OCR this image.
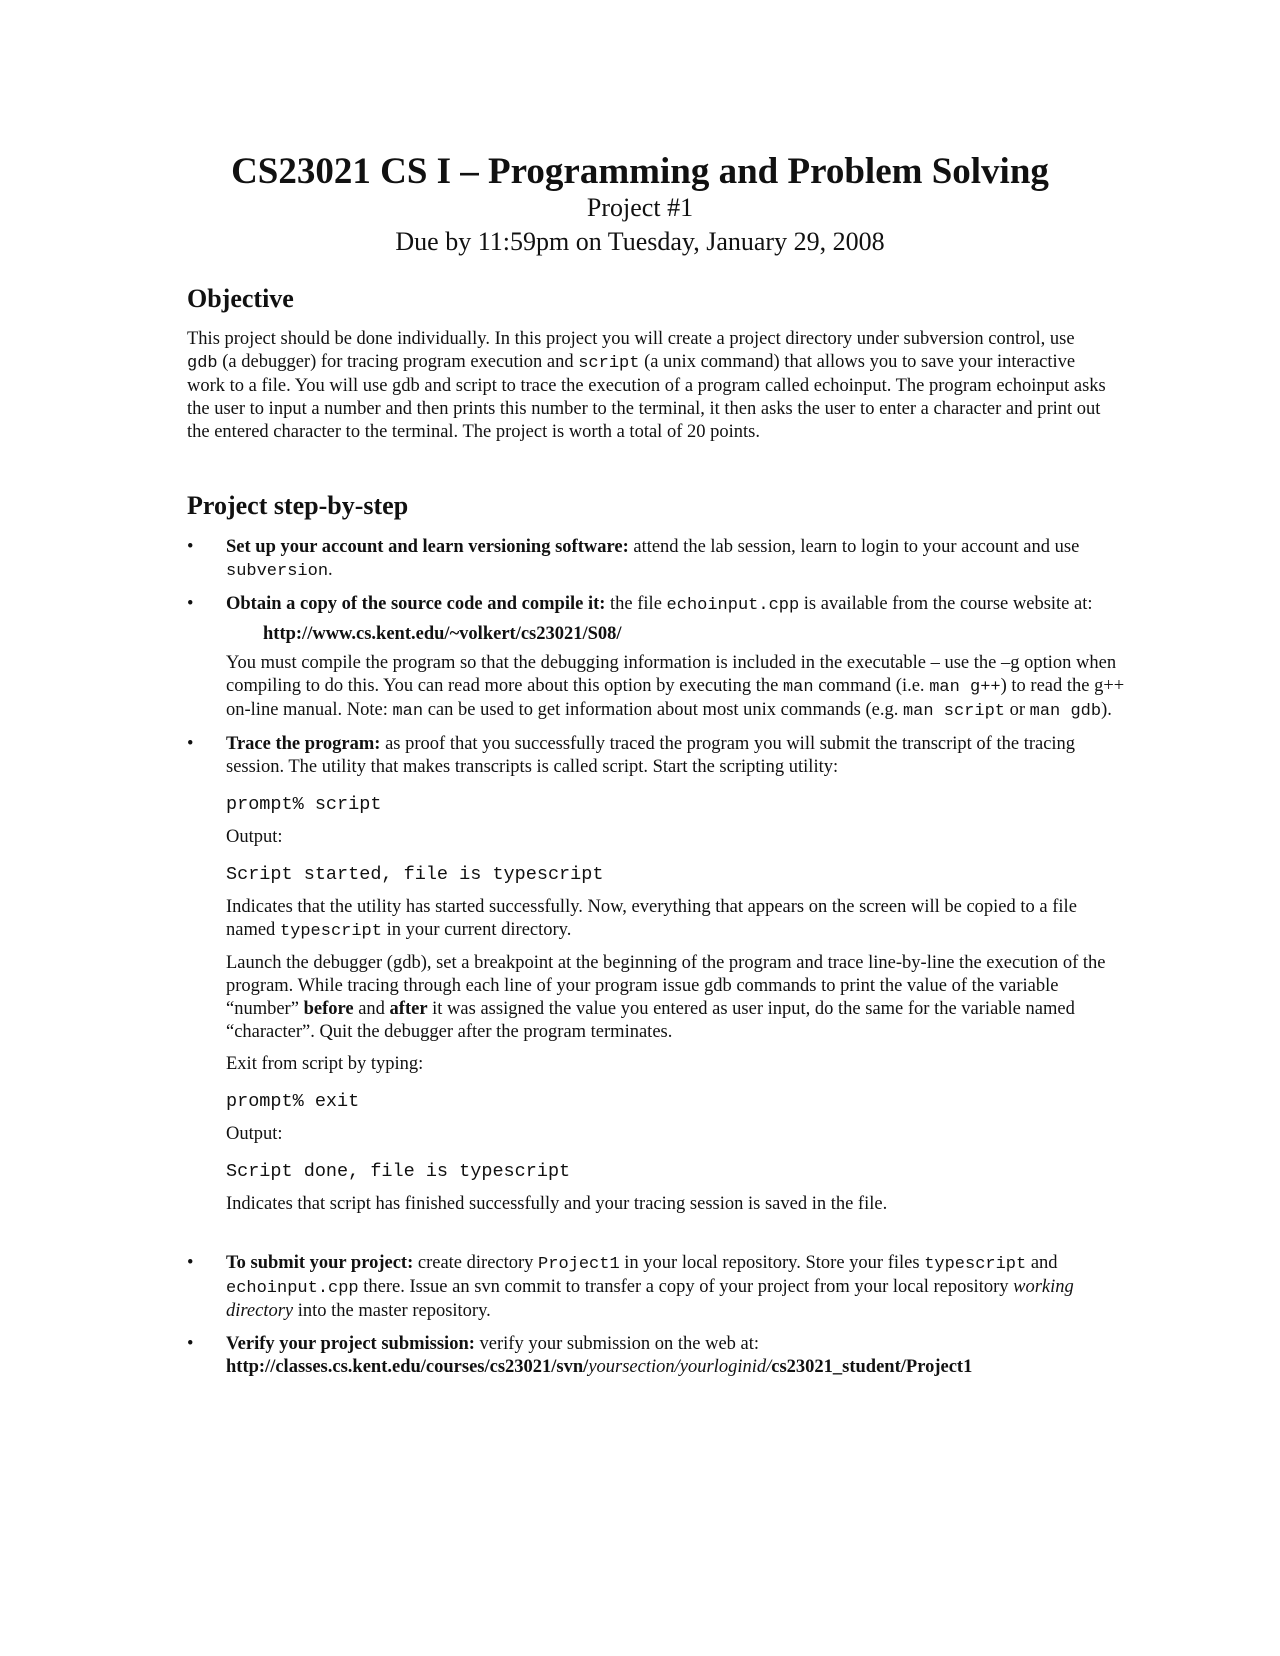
CS23021 CS I – Programming and Problem Solving
Project #1
Due by 11:59pm on Tuesday, January 29, 2008
Objective

This project should be done individually. In this project you will create a project directory under subversion control, use gdb (a debugger) for tracing program execution and script (a unix command) that allows you to save your interactive work to a file. You will use gdb and script to trace the execution of a program called echoinput. The program echoinput asks the user to input a number and then prints this number to the terminal, it then asks the user to enter a character and print out the entered character to the terminal. The project is worth a total of 20 points.

Project step-by-step
• Set up your account and learn versioning software: attend the lab session, learn to login to your account and use subversion.

• Obtain a copy of the source code and compile it: the file echoinput.cpp is available from the course website at:

http://www.cs.kent.edu/~volkert/cs23021/S08/

You must compile the program so that the debugging information is included in the executable – use the –g option when compiling to do this. You can read more about this option by executing the man command (i.e. man g++) to read the g++ on-line manual. Note: man can be used to get information about most unix commands (e.g. man script or man gdb).

• Trace the program: as proof that you successfully traced the program you will submit the transcript of the tracing session. The utility that makes transcripts is called script. Start the scripting utility:

prompt% script

Output:

Script started, file is typescript

Indicates that the utility has started successfully. Now, everything that appears on the screen will be copied to a file named typescript in your current directory.

Launch the debugger (gdb), set a breakpoint at the beginning of the program and trace line-by-line the execution of the program. While tracing through each line of your program issue gdb commands to print the value of the variable “number” before and after it was assigned the value you entered as user input, do the same for the variable named “character”. Quit the debugger after the program terminates.

Exit from script by typing:

prompt% exit

Output:

Script done, file is typescript

Indicates that script has finished successfully and your tracing session is saved in the file.

• To submit your project: create directory Project1 in your local repository. Store your files typescript and echoinput.cpp there. Issue an svn commit to transfer a copy of your project from your local repository working directory into the master repository.

• Verify your project submission: verify your submission on the web at:

http://classes.cs.kent.edu/courses/cs23021/svn/yoursection/yourloginid/cs23021_student/Project1
